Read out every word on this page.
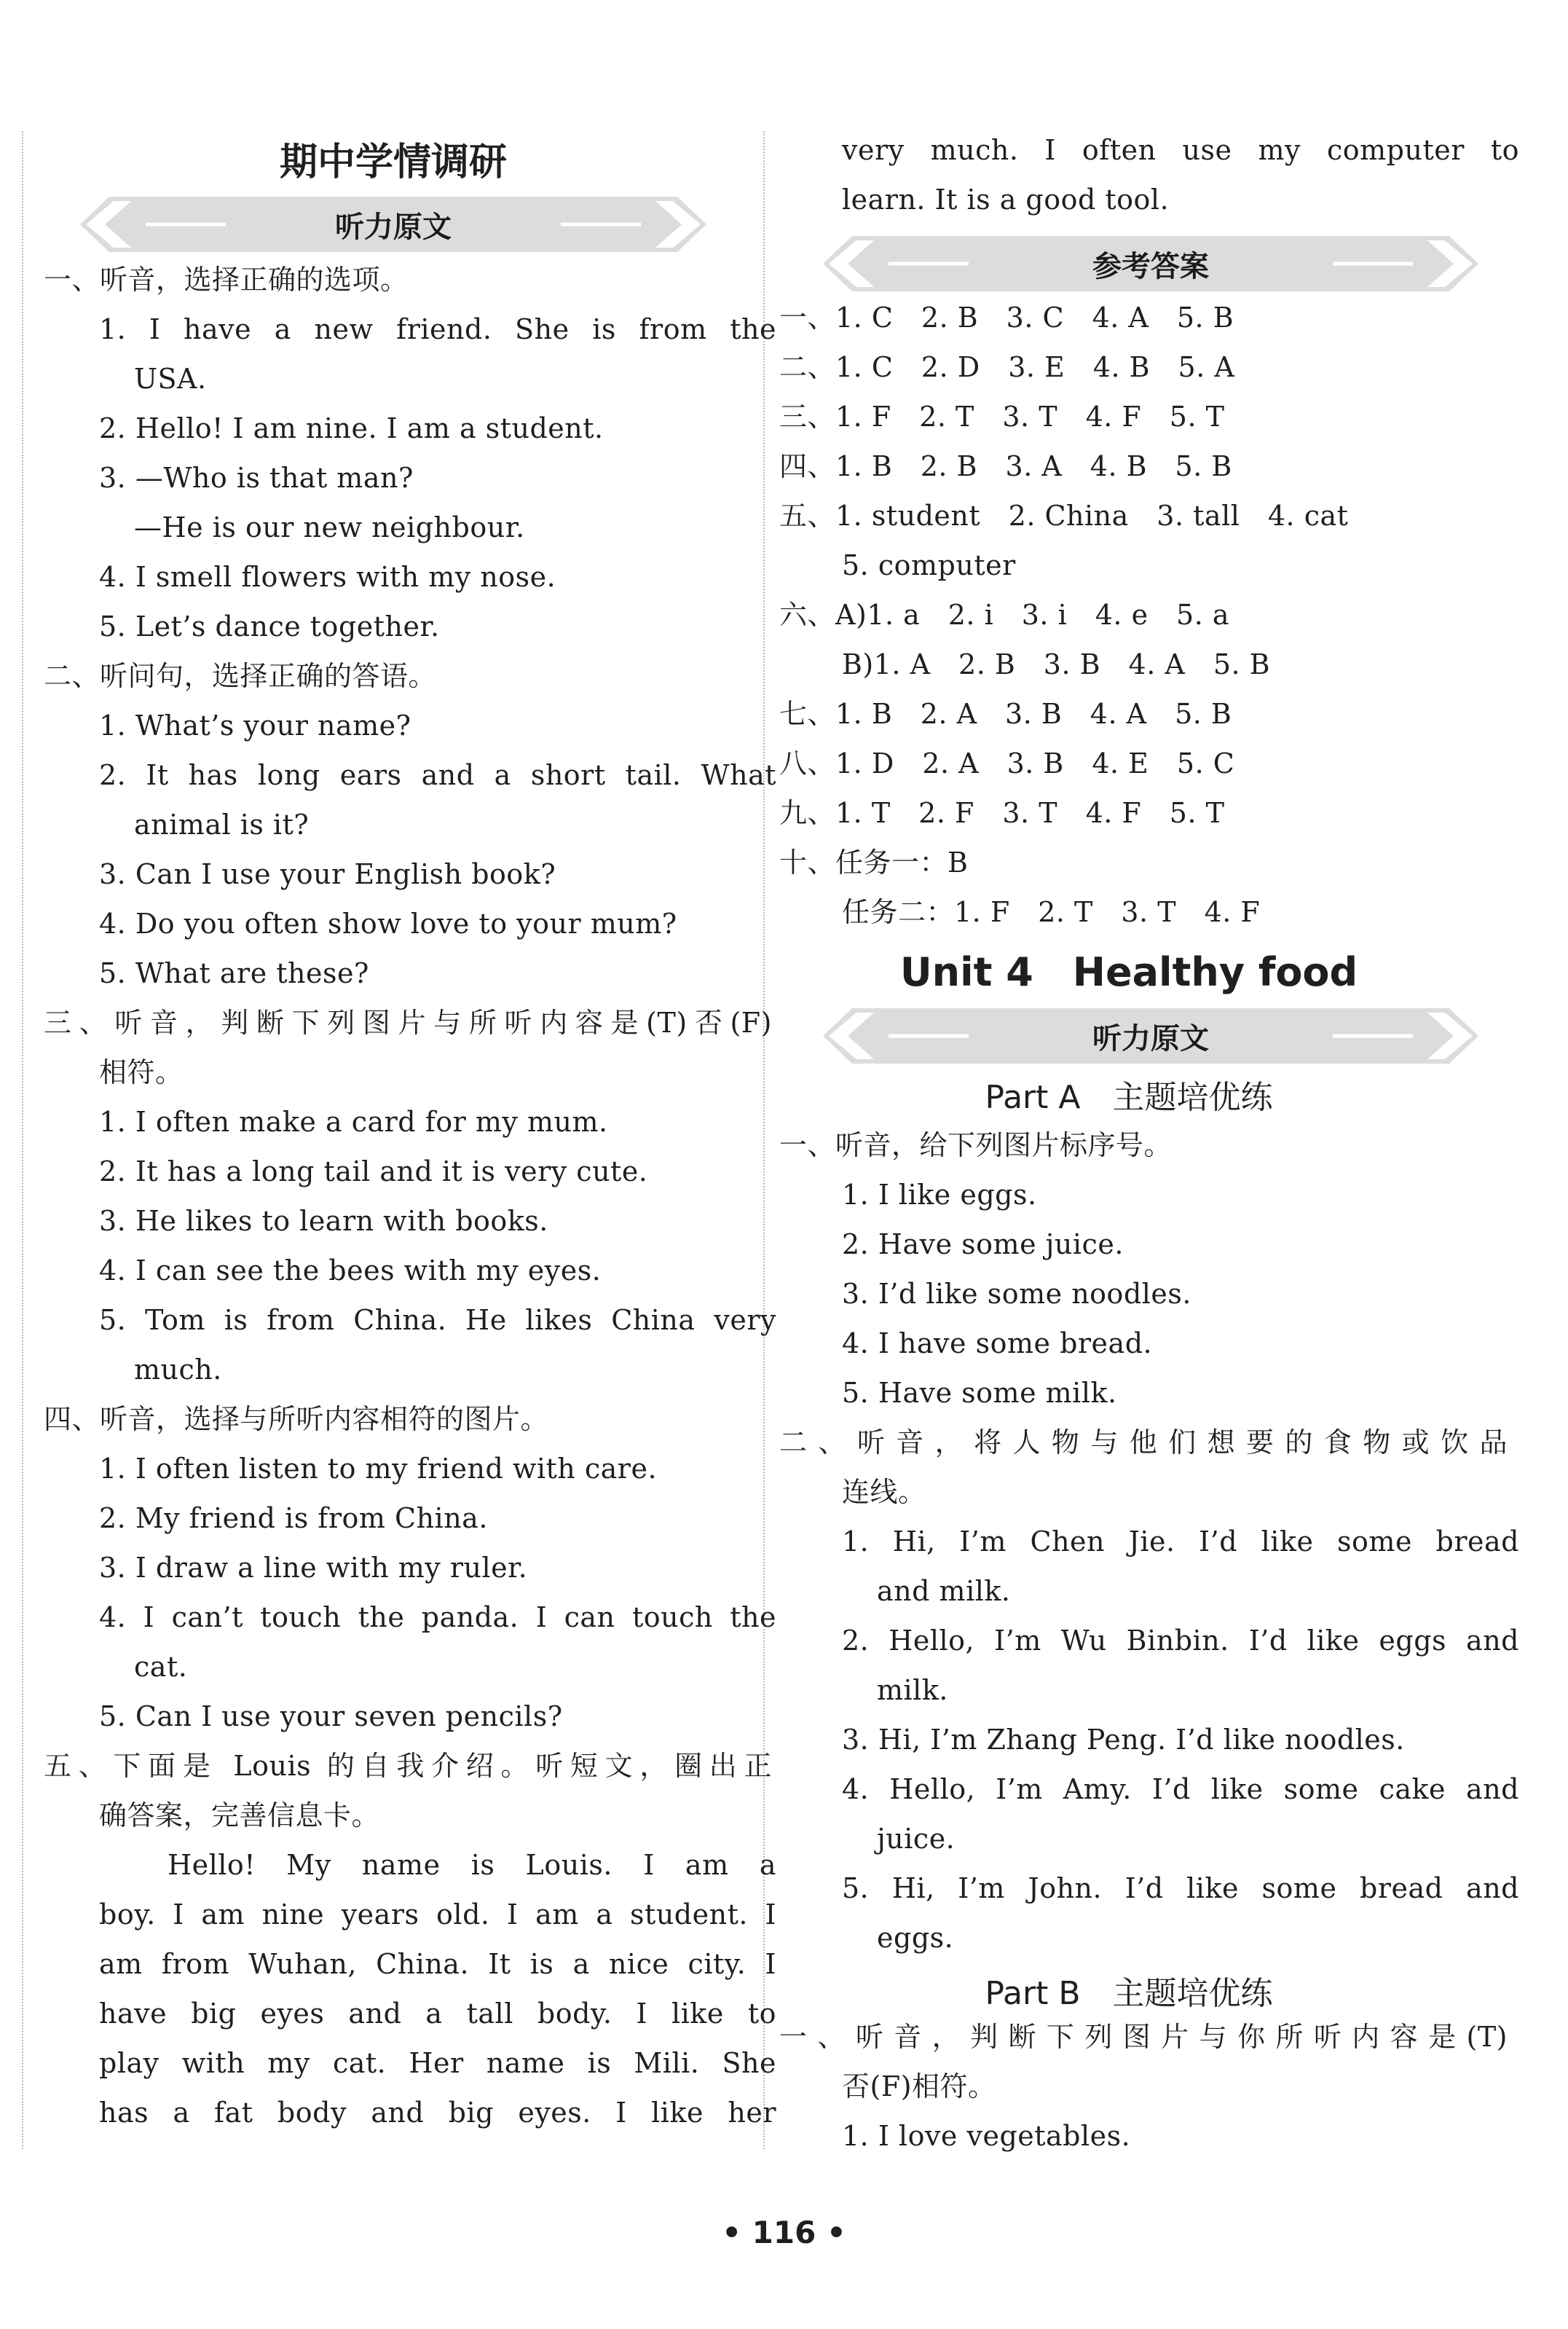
期中学情调研
听力原文
一、听音，选择正确的选项。
1. I have a new friend. She is from the
USA.
2. Hello! I am nine. I am a student.
3. —Who is that man?
—He is our new neighbour.
4. I smell flowers with my nose.
5. Let’s dance together.
二、听问句，选择正确的答语。
1. What’s your name?
2. It has long ears and a short tail. What
animal is it?
3. Can I use your English book?
4. Do you often show love to your mum?
5. What are these?
三、听音，判断下列图片与所听内容是(T)否(F)
相符。
1. I often make a card for my mum.
2. It has a long tail and it is very cute.
3. He likes to learn with books.
4. I can see the bees with my eyes.
5. Tom is from China. He likes China very
much.
四、听音，选择与所听内容相符的图片。
1. I often listen to my friend with care.
2. My friend is from China.
3. I draw a line with my ruler.
4. I can’t touch the panda. I can touch the
cat.
5. Can I use your seven pencils?
五、下面是 Louis 的自我介绍。听短文，圈出正
确答案，完善信息卡。
Hello! My name is Louis. I am a
boy. I am nine years old. I am a student. I
am from Wuhan, China. It is a nice city. I
have big eyes and a tall body. I like to
play with my cat. Her name is Mili. She
has a fat body and big eyes. I like her
very much. I often use my computer to
learn. It is a good tool.
参考答案
一、1. C　2. B　3. C　4. A　5. B
二、1. C　2. D　3. E　4. B　5. A
三、1. F　2. T　3. T　4. F　5. T
四、1. B　2. B　3. A　4. B　5. B
五、1. student　2. China　3. tall　4. cat
5. computer
六、A)1. a　2. i　3. i　4. e　5. a
B)1. A　2. B　3. B　4. A　5. B
七、1. B　2. A　3. B　4. A　5. B
八、1. D　2. A　3. B　4. E　5. C
九、1. T　2. F　3. T　4. F　5. T
十、任务一：B
任务二：1. F　2. T　3. T　4. F
Unit 4　Healthy food
听力原文
Part A　主题培优练
一、听音，给下列图片标序号。
1. I like eggs.
2. Have some juice.
3. I’d like some noodles.
4. I have some bread.
5. Have some milk.
二、听音，将人物与他们想要的食物或饮品
连线。
1. Hi, I’m Chen Jie. I’d like some bread
and milk.
2. Hello, I’m Wu Binbin. I’d like eggs and
milk.
3. Hi, I’m Zhang Peng. I’d like noodles.
4. Hello, I’m Amy. I’d like some cake and
juice.
5. Hi, I’m John. I’d like some bread and
eggs.
Part B　主题培优练
一、听音，判断下列图片与你所听内容是(T)
否(F)相符。
1. I love vegetables.
• 116 •
